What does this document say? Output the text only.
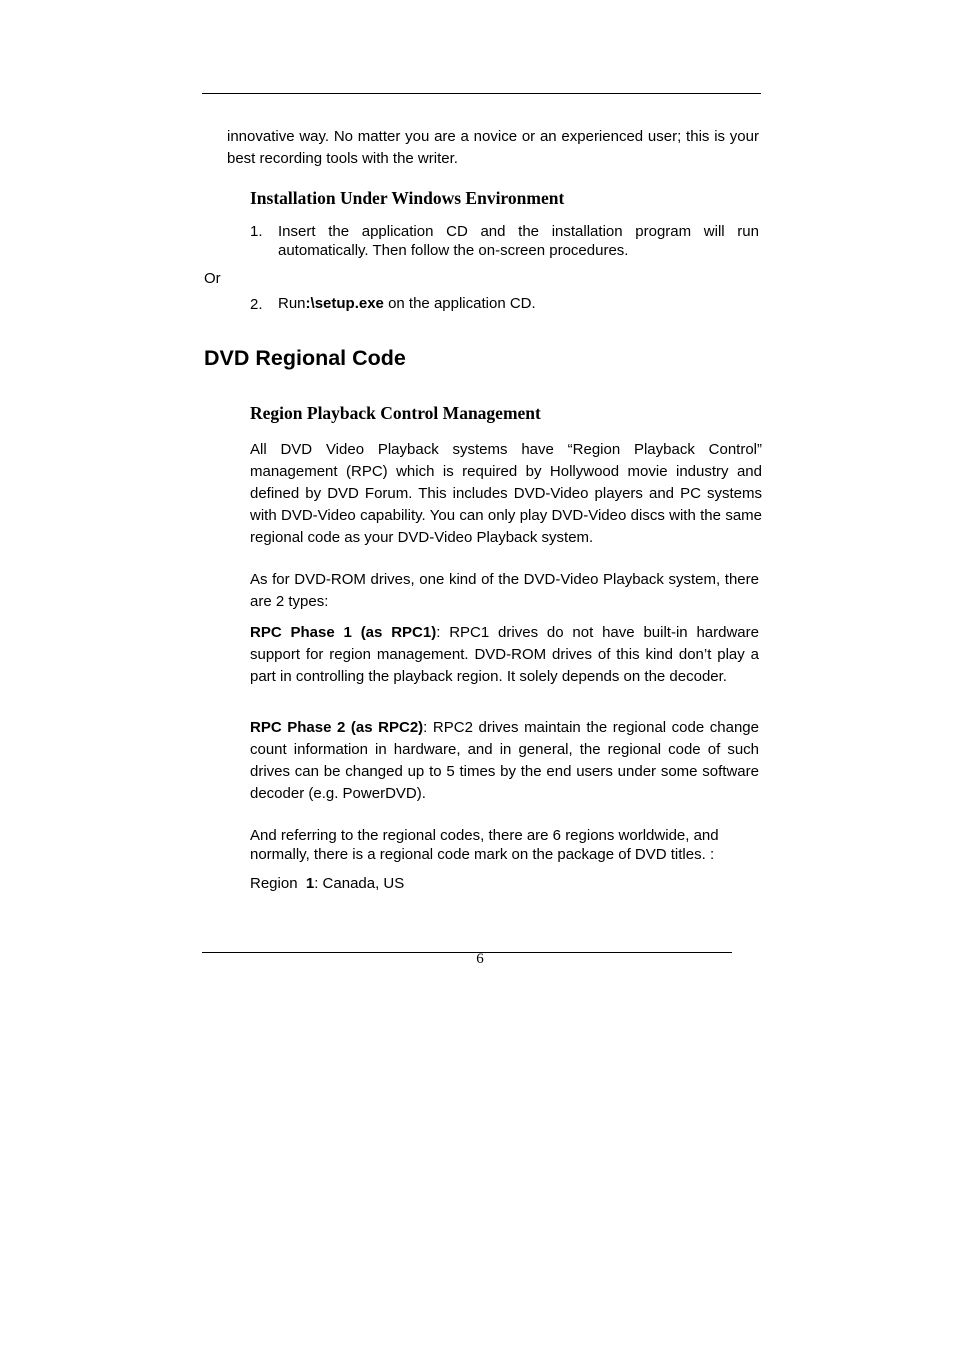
innovative way. No matter you are a novice or an experienced user; this is your best recording tools with the writer.

Installation Under Windows Environment
1. Insert the application CD and the installation program will run automatically. Then follow the on-screen procedures.

Or
2. Run:\setup.exe on the application CD.

DVD Regional Code
Region Playback Control Management

All DVD Video Playback systems have “Region Playback Control” management (RPC) which is required by Hollywood movie industry and defined by DVD Forum. This includes DVD-Video players and PC systems with DVD-Video capability. You can only play DVD-Video discs with the same regional code as your DVD-Video Playback system.

As for DVD-ROM drives, one kind of the DVD-Video Playback system, there are 2 types:

RPC Phase 1 (as RPC1): RPC1 drives do not have built-in hardware support for region management. DVD-ROM drives of this kind don’t play a part in controlling the playback region. It solely depends on the decoder.

RPC Phase 2 (as RPC2): RPC2 drives maintain the regional code change count information in hardware, and in general, the regional code of such drives can be changed up to 5 times by the end users under some software decoder (e.g. PowerDVD).

And referring to the regional codes, there are 6 regions worldwide, and normally, there is a regional code mark on the package of DVD titles. :

Region  1: Canada, US

6
